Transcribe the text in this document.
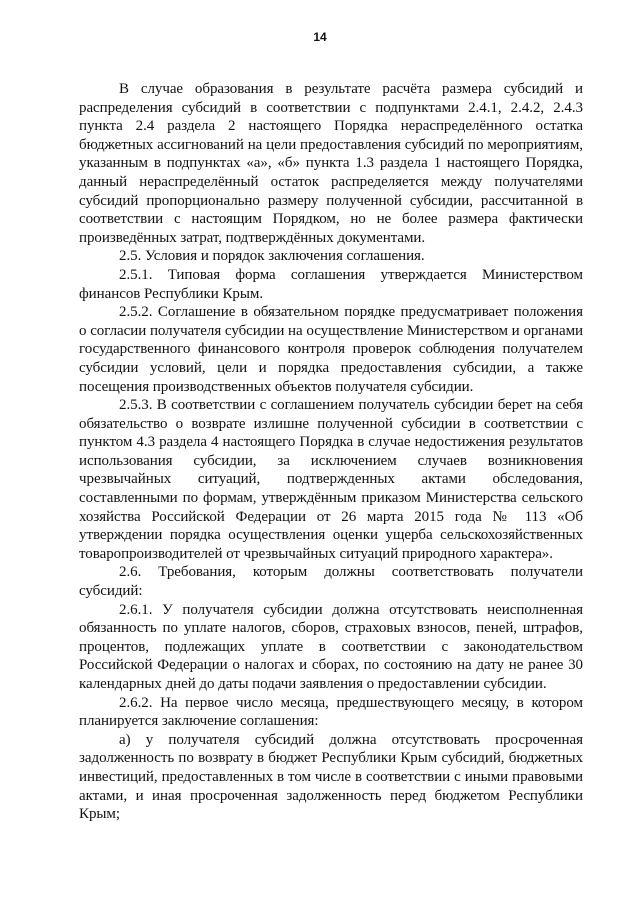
14

В случае образования в результате расчёта размера субсидий и распределения субсидий в соответствии с подпунктами 2.4.1, 2.4.2, 2.4.3 пункта 2.4 раздела 2 настоящего Порядка нераспределённого остатка бюджетных ассигнований на цели предоставления субсидий по мероприятиям, указанным в подпунктах «а», «б» пункта 1.3 раздела 1 настоящего Порядка, данный нераспределённый остаток распределяется между получателями субсидий пропорционально размеру полученной субсидии, рассчитанной в соответствии с настоящим Порядком, но не более размера фактически произведённых затрат, подтверждённых документами.

2.5. Условия и порядок заключения соглашения.

2.5.1. Типовая форма соглашения утверждается Министерством финансов Республики Крым.

2.5.2. Соглашение в обязательном порядке предусматривает положения о согласии получателя субсидии на осуществление Министерством и органами государственного финансового контроля проверок соблюдения получателем субсидии условий, цели и порядка предоставления субсидии, а также посещения производственных объектов получателя субсидии.

2.5.3. В соответствии с соглашением получатель субсидии берет на себя обязательство о возврате излишне полученной субсидии в соответствии с пунктом 4.3 раздела 4 настоящего Порядка в случае недостижения результатов использования субсидии, за исключением случаев возникновения чрезвычайных ситуаций, подтвержденных актами обследования, составленными по формам, утверждённым приказом Министерства сельского хозяйства Российской Федерации от 26 марта 2015 года № 113 «Об утверждении порядка осуществления оценки ущерба сельскохозяйственных товаропроизводителей от чрезвычайных ситуаций природного характера».

2.6. Требования, которым должны соответствовать получатели субсидий:

2.6.1. У получателя субсидии должна отсутствовать неисполненная обязанность по уплате налогов, сборов, страховых взносов, пеней, штрафов, процентов, подлежащих уплате в соответствии с законодательством Российской Федерации о налогах и сборах, по состоянию на дату не ранее 30 календарных дней до даты подачи заявления о предоставлении субсидии.

2.6.2. На первое число месяца, предшествующего месяцу, в котором планируется заключение соглашения:

а) у получателя субсидий должна отсутствовать просроченная задолженность по возврату в бюджет Республики Крым субсидий, бюджетных инвестиций, предоставленных в том числе в соответствии с иными правовыми актами, и иная просроченная задолженность перед бюджетом Республики Крым;
